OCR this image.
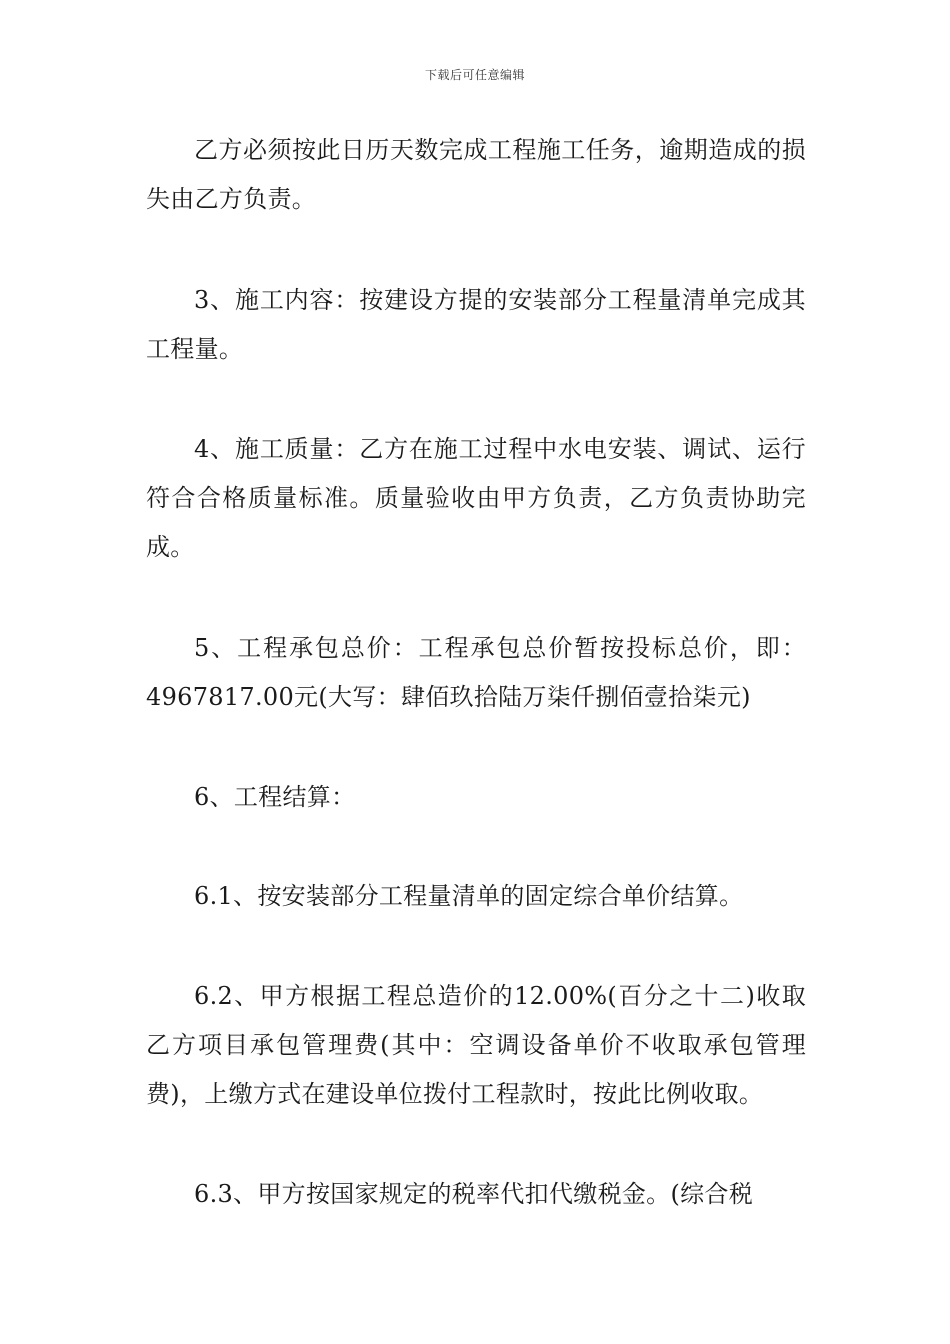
下载后可任意编辑

乙方必须按此日历天数完成工程施工任务，逾期造成的损失由乙方负责。

3、施工内容：按建设方提的安装部分工程量清单完成其工程量。

4、施工质量：乙方在施工过程中水电安装、调试、运行符合合格质量标准。质量验收由甲方负责，乙方负责协助完成。

5、工程承包总价：工程承包总价暂按投标总价，即：4967817.00元(大写：肆佰玖拾陆万柒仟捌佰壹拾柒元)

6、工程结算：

6.1、按安装部分工程量清单的固定综合单价结算。

6.2、甲方根据工程总造价的12.00%(百分之十二)收取乙方项目承包管理费(其中：空调设备单价不收取承包管理费)，上缴方式在建设单位拨付工程款时，按此比例收取。

6.3、甲方按国家规定的税率代扣代缴税金。(综合税
